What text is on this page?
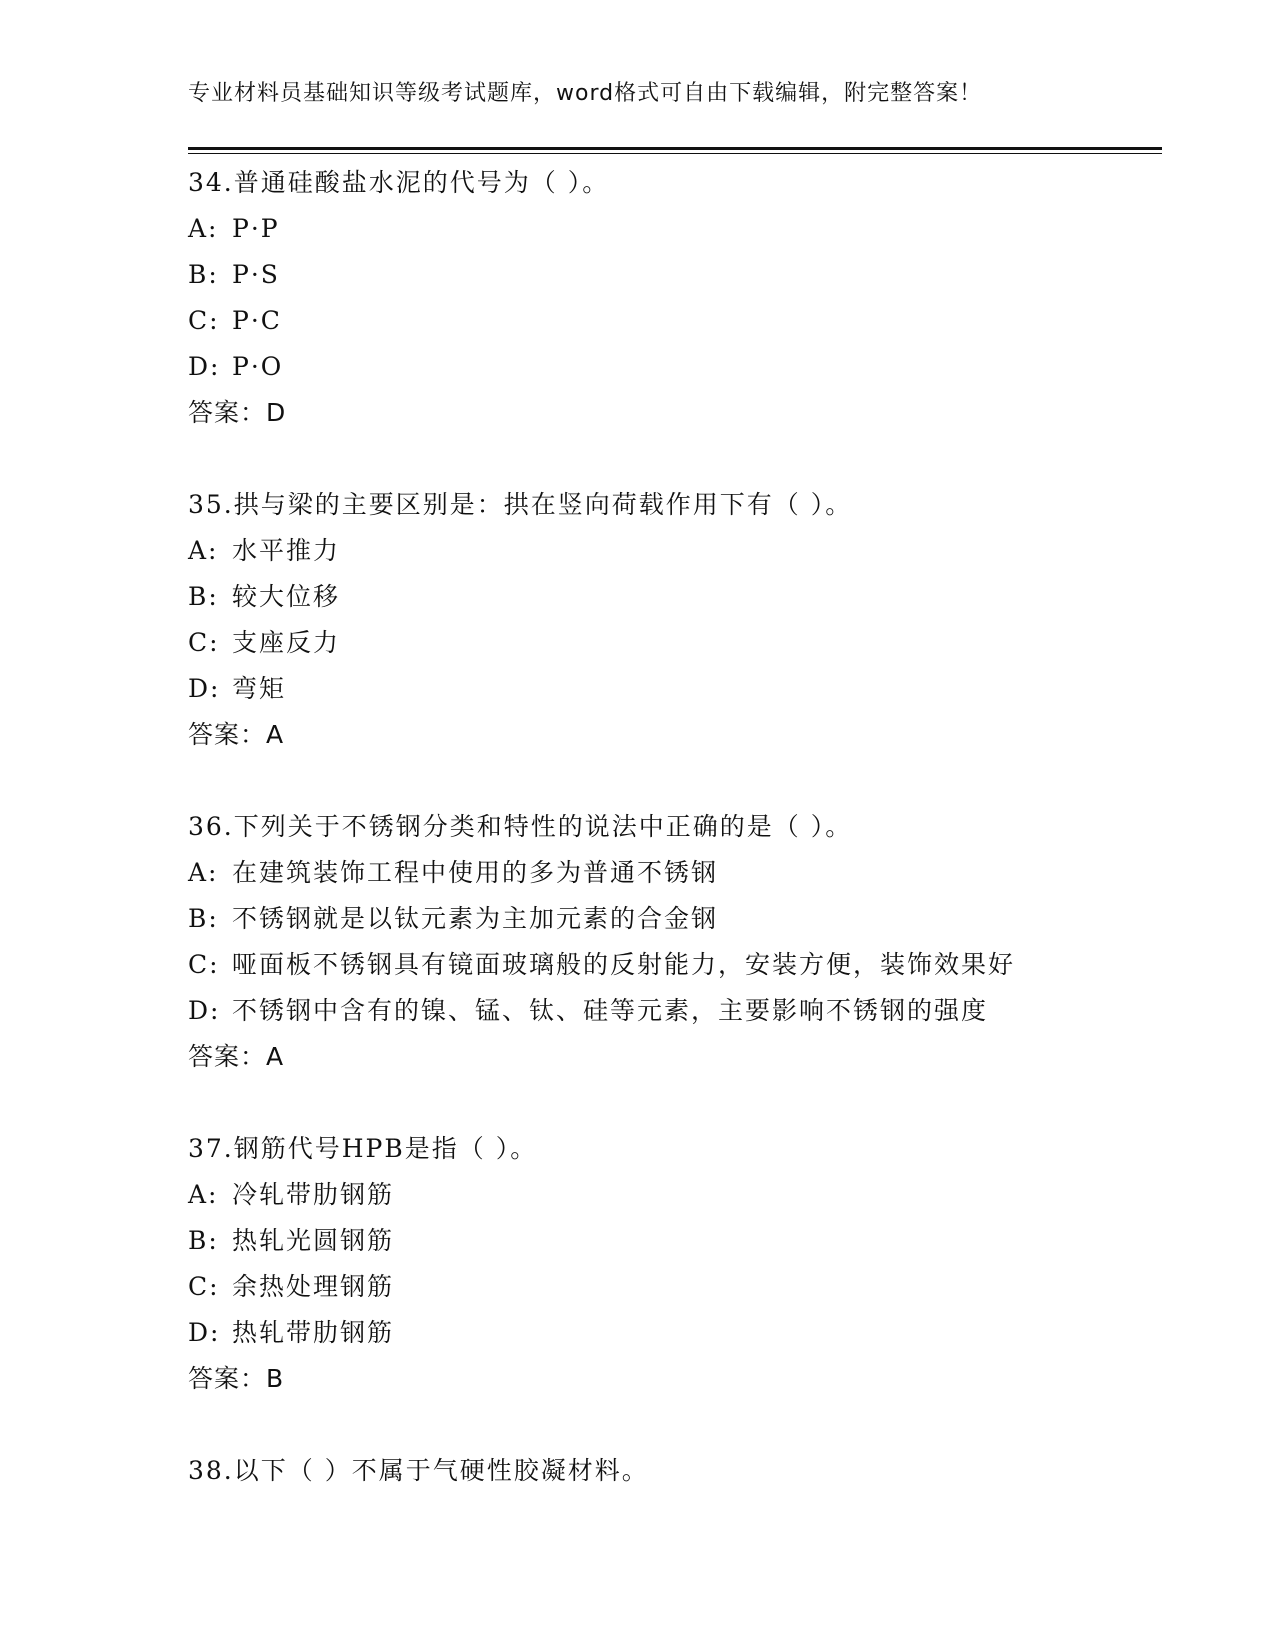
专业材料员基础知识等级考试题库，word格式可自由下载编辑，附完整答案！
34.普通硅酸盐水泥的代号为（ ）。
A: P·P
B: P·S
C: P·C
D: P·O
答案：D
35.拱与梁的主要区别是：拱在竖向荷载作用下有（ ）。
A: 水平推力
B: 较大位移
C: 支座反力
D: 弯矩
答案：A
36.下列关于不锈钢分类和特性的说法中正确的是（ ）。
A: 在建筑装饰工程中使用的多为普通不锈钢
B: 不锈钢就是以钛元素为主加元素的合金钢
C: 哑面板不锈钢具有镜面玻璃般的反射能力，安装方便，装饰效果好
D: 不锈钢中含有的镍、锰、钛、硅等元素，主要影响不锈钢的强度
答案：A
37.钢筋代号HPB是指（ ）。
A: 冷轧带肋钢筋
B: 热轧光圆钢筋
C: 余热处理钢筋
D: 热轧带肋钢筋
答案：B
38.以下（ ）不属于气硬性胶凝材料。
